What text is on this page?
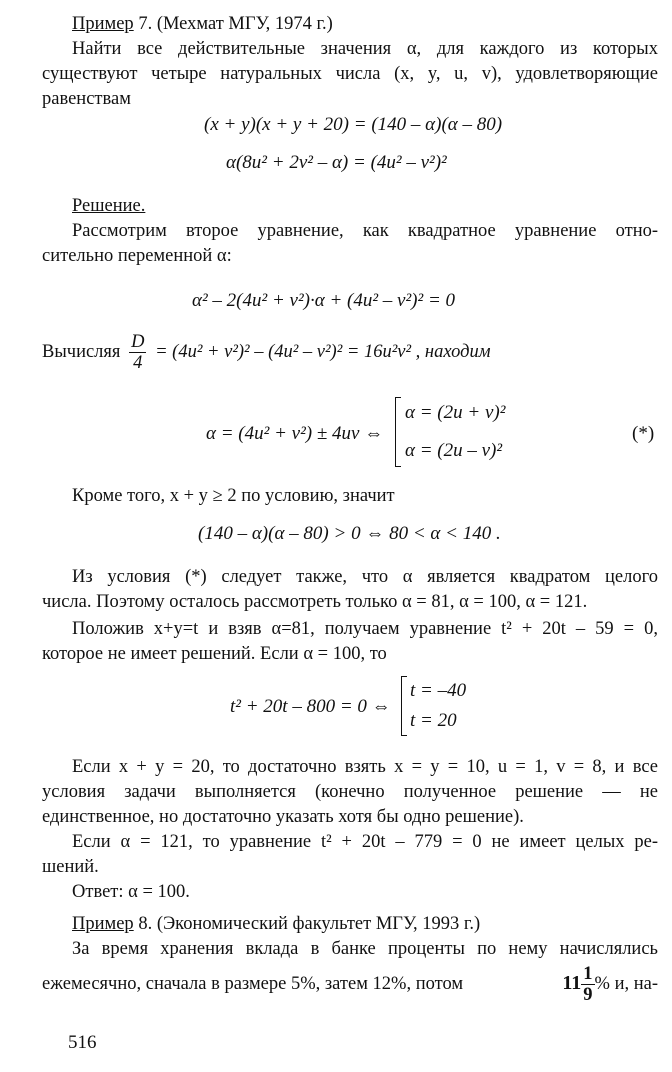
Пример 7. (Мехмат МГУ, 1974 г.)
Найти все действительные значения α, для каждого из которых
существуют четыре натуральных числа (x, y, u, v), удовлетворяющие
равенствам
(x + y)(x + y + 20) = (140 – α)(α – 80)
α(8u² + 2v² – α) = (4u² – v²)²
Решение.
Рассмотрим второе уравнение, как квадратное уравнение отно-
сительно переменной α:
α² – 2(4u² + v²)·α + (4u² – v²)² = 0
Вычисляя $\frac{D}{4} = (4u^2 + v^2)^2 - (4u^2 - v^2)^2 = 16u^2v^2$ , находим
α = (4u² + v²) ± 4uv ⇔
α = (2u + v)²
α = (2u – v)²
(*)
Кроме того, x + y ≥ 2 по условию, значит
(140 – α)(α – 80) > 0 ⇔ 80 < α < 140 .
Из условия (*) следует также, что α является квадратом целого
числа. Поэтому осталось рассмотреть только α = 81, α = 100, α = 121.
Положив x+y=t и взяв α=81, получаем уравнение t² + 20t – 59 = 0,
которое не имеет решений. Если α = 100, то
t² + 20t – 800 = 0 ⇔
t = –40
t = 20
Если x + y = 20, то достаточно взять x = y = 10, u = 1, v = 8, и все
условия задачи выполняется (конечно полученное решение — не
единственное, но достаточно указать хотя бы одно решение).
Если α = 121, то уравнение t² + 20t – 779 = 0 не имеет целых ре-
шений.
Ответ: α = 100.
Пример 8. (Экономический факультет МГУ, 1993 г.)
За время хранения вклада в банке проценты по нему начислялись
ежемесячно, сначала в размере 5%, затем 12%, потом	$11 \frac{1}{9}$ % и, на-
516
